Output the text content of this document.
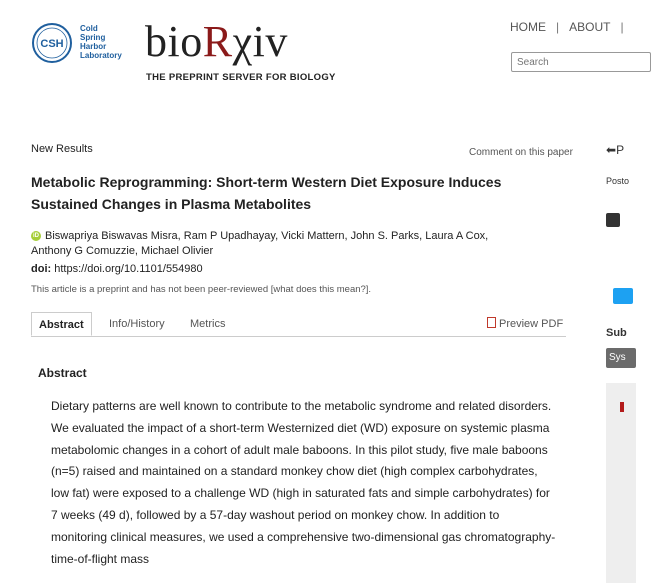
CSH
Cold
Spring
Harbor
Laboratory bioRχiv
THE PREPRINT SERVER FOR BIOLOGY
HOME | ABOUT |
Search
New Results	Comment on this paper
Metabolic Reprogramming: Short-term Western Diet Exposure Induces Sustained Changes in Plasma Metabolites
iD Biswapriya Biswavas Misra, Ram P Upadhayay, Vicki Mattern, John S. Parks, Laura A Cox,
Anthony G Comuzzie, Michael Olivier
doi: https://doi.org/10.1101/554980
This article is a preprint and has not been peer-reviewed [what does this mean?].
Abstract	Info/History	Metrics	Preview PDF
Abstract
Dietary patterns are well known to contribute to the metabolic syndrome and related disorders. We evaluated the impact of a short-term Westernized diet (WD) exposure on systemic plasma metabolomic changes in a cohort of adult male baboons. In this pilot study, five male baboons (n=5) raised and maintained on a standard monkey chow diet (high complex carbohydrates, low fat) were exposed to a challenge WD (high in saturated fats and simple carbohydrates) for 7 weeks (49 d), followed by a 57-day washout period on monkey chow. In addition to monitoring clinical measures, we used a comprehensive two-dimensional gas chromatography-time-of-flight mass
⬅P
Posto
Sub
Sys
